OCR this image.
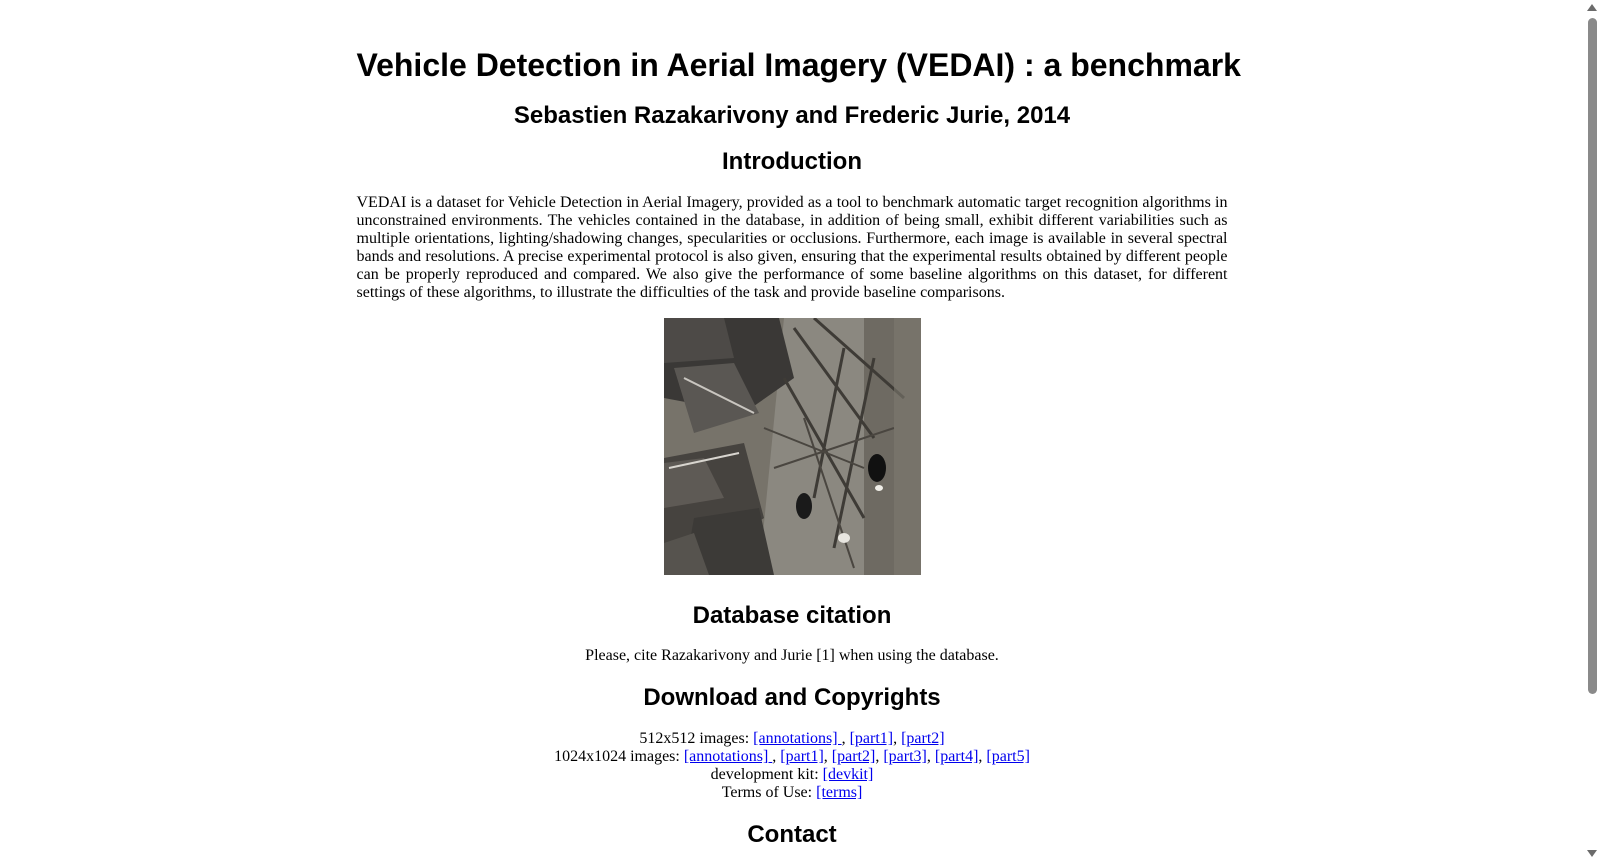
Vehicle Detection in Aerial Imagery (VEDAI) : a benchmark
Sebastien Razakarivony and Frederic Jurie, 2014
Introduction

VEDAI is a dataset for Vehicle Detection in Aerial Imagery, provided as a tool to benchmark automatic target recognition algorithms in unconstrained environments. The vehicles contained in the database, in addition of being small, exhibit different variabilities such as multiple orientations, lighting/shadowing changes, specularities or occlusions. Furthermore, each image is available in several spectral bands and resolutions. A precise experimental protocol is also given, ensuring that the experimental results obtained by different people can be properly reproduced and compared. We also give the performance of some baseline algorithms on this dataset, for different settings of these algorithms, to illustrate the difficulties of the task and provide baseline comparisons.

Database citation

Please, cite Razakarivony and Jurie [1] when using the database.

Download and Copyrights
512x512 images: [annotations] , [part1], [part2]
1024x1024 images: [annotations] , [part1], [part2], [part3], [part4], [part5]
development kit: [devkit]
Terms of Use: [terms]
Contact
